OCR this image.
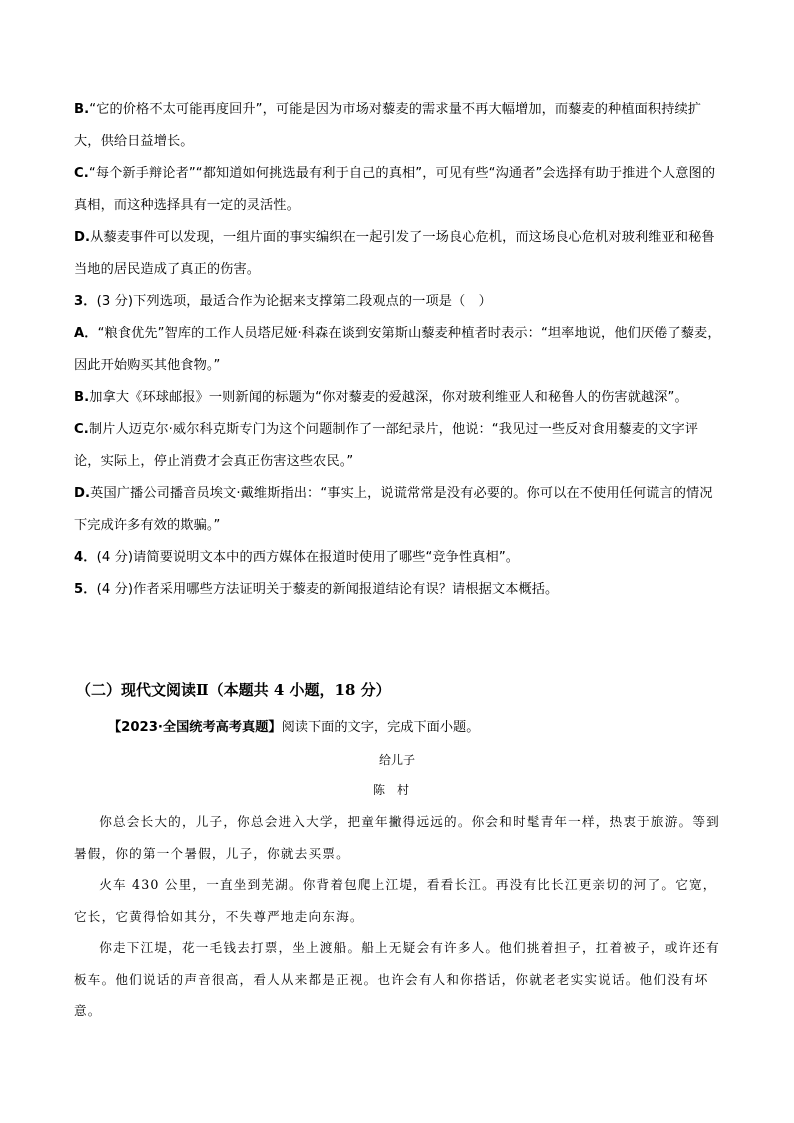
B.“它的价格不太可能再度回升”，可能是因为市场对藜麦的需求量不再大幅增加，而藜麦的种植面积持续扩大，供给日益增长。
C.“每个新手辩论者”“都知道如何挑选最有利于自己的真相”，可见有些“沟通者”会选择有助于推进个人意图的真相，而这种选择具有一定的灵活性。
D.从藜麦事件可以发现，一组片面的事实编织在一起引发了一场良心危机，而这场良心危机对玻利维亚和秘鲁当地的居民造成了真正的伤害。
3．(3 分)下列选项，最适合作为论据来支撑第二段观点的一项是（　）
A．“粮食优先”智库的工作人员塔尼娅·科森在谈到安第斯山藜麦种植者时表示：“坦率地说，他们厌倦了藜麦，因此开始购买其他食物。”
B.加拿大《环球邮报》一则新闻的标题为“你对藜麦的爱越深，你对玻利维亚人和秘鲁人的伤害就越深”。
C.制片人迈克尔·威尔科克斯专门为这个问题制作了一部纪录片，他说：“我见过一些反对食用藜麦的文字评论，实际上，停止消费才会真正伤害这些农民。”
D.英国广播公司播音员埃文·戴维斯指出：“事实上，说谎常常是没有必要的。你可以在不使用任何谎言的情况下完成许多有效的欺骗。”
4．(4 分)请简要说明文本中的西方媒体在报道时使用了哪些“竞争性真相”。
5．(4 分)作者采用哪些方法证明关于藜麦的新闻报道结论有误？请根据文本概括。
（二）现代文阅读Ⅱ（本题共 4 小题，18 分）
【2023·全国统考高考真题】阅读下面的文字，完成下面小题。
给儿子
陈村

你总会长大的，儿子，你总会进入大学，把童年撇得远远的。你会和时髦青年一样，热衷于旅游。等到暑假，你的第一个暑假，儿子，你就去买票。

火车 430 公里，一直坐到芜湖。你背着包爬上江堤，看看长江。再没有比长江更亲切的河了。它宽，它长，它黄得恰如其分，不失尊严地走向东海。

你走下江堤，花一毛钱去打票，坐上渡船。船上无疑会有许多人。他们挑着担子，扛着被子，或许还有板车。他们说话的声音很高，看人从来都是正视。也许会有人和你搭话，你就老老实实说话。他们没有坏意。
